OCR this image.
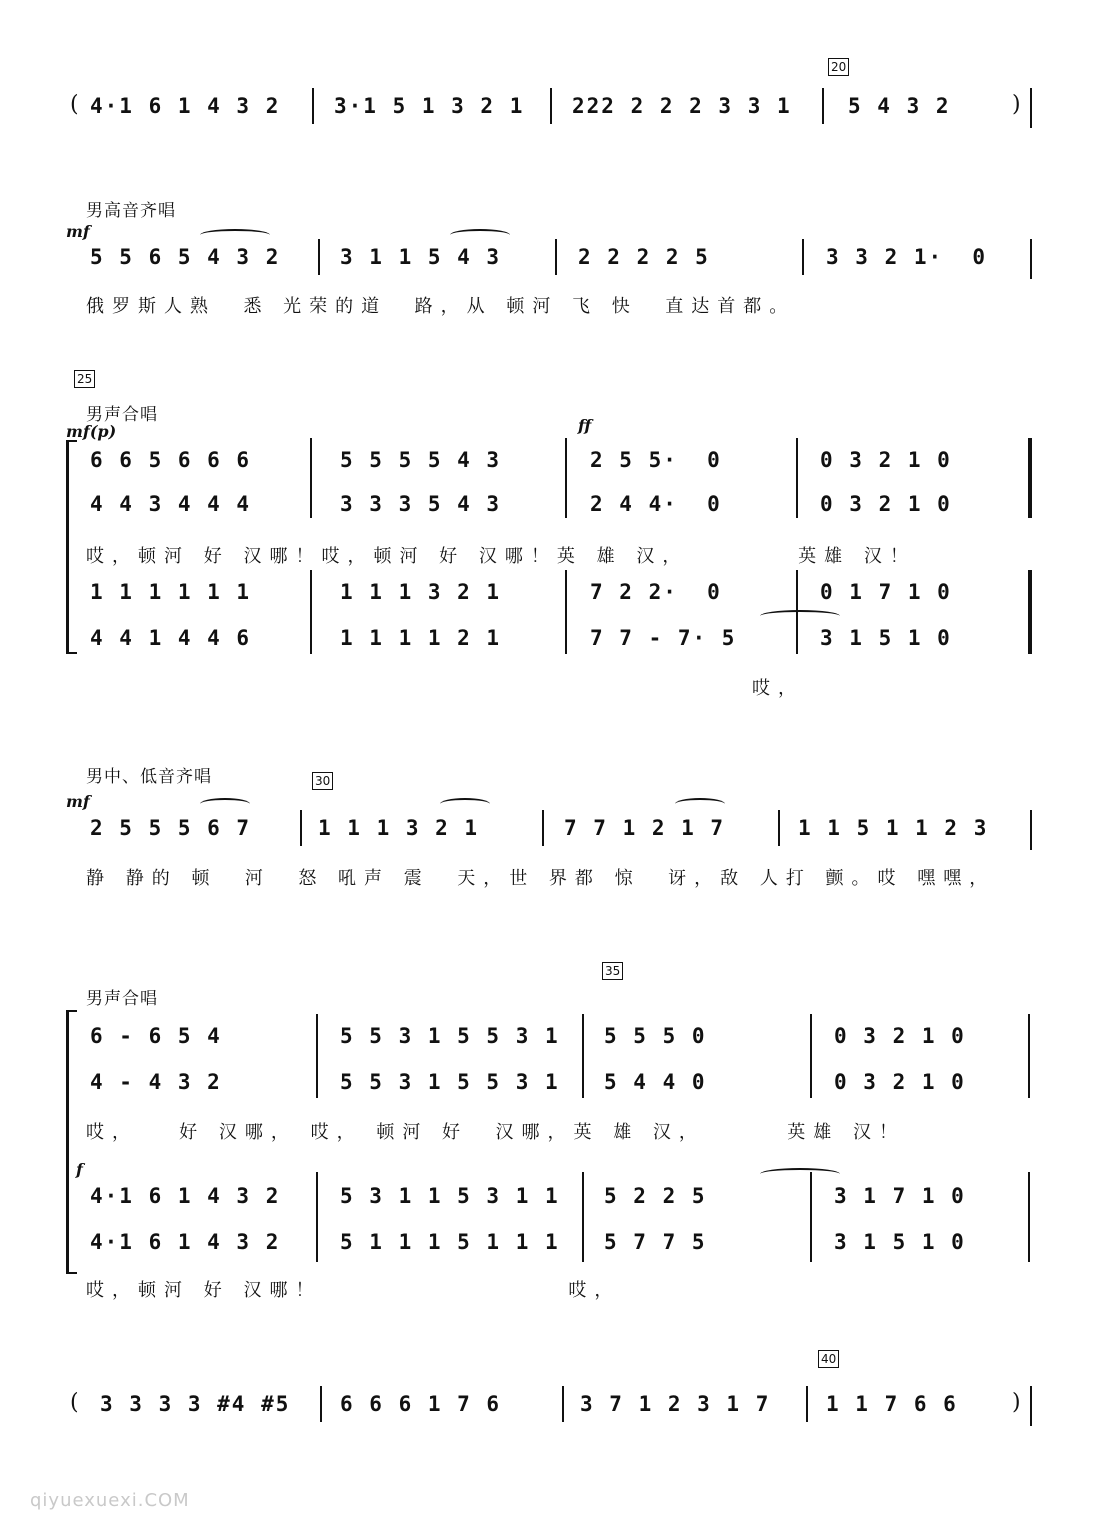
20
( 4·1 6 1 4 3 2	3·1 5 1 3 2 1 222 2 2 2 3 3 1	5 4 3 2	)
男高音齐唱
mf
5 5 6 5 4 3 2	3 1 1 5 4 3	2 2 2 2 5	3 3 2 1·  0
俄罗斯人熟  悉 光荣的道  路，从 顿河 飞 快  直达首都。
25
男声合唱
mf(p)	ff
6 6 5 6 6 6	5 5 5 5 4 3	2 5 5·  0	0 3 2 1 0
4 4 3 4 4 4	3 3 3 5 4 3	2 4 4·  0	0 3 2 1 0
1 1 1 1 1 1	1 1 1 3 2 1	7 2 2·  0	0 1 7 1 0
4 4 1 4 4 6	1 1 1 1 2 1	7 7 - 7· 5	3 1 5 1 0
哎，顿河 好 汉哪！哎，顿河 好 汉哪！英 雄 汉，        英雄 汉！
哎，
男中、低音齐唱	30
mf
2 5 5 5 6 7	1 1 1 3 2 1	7 7 1 2 1 7	1 1 5 1 1 2 3
静 静的 顿  河  怒 吼声 震  天，世 界都 惊  讶，敌 人打 颤。哎 嘿嘿，
35
男声合唱
f
6 - 6 5 4	5 5 3 1 5 5 3 1 5 5 5 0	0 3 2 1 0
4 - 4 3 2	5 5 3 1 5 5 3 1 5 4 4 0	0 3 2 1 0
4·1 6 1 4 3 2	5 3 1 1 5 3 1 1 5 2 2 5	3 1 7 1 0
4·1 6 1 4 3 2	5 1 1 1 5 1 1 1 5 7 7 5	3 1 5 1 0
哎，   好 汉哪， 哎， 顿河 好  汉哪，英 雄 汉，      英雄 汉！
哎，顿河 好 汉哪！                  哎，
40
( 3 3 3 3 #4 #5 6 6 6 1 7 6	3 7 1 2 3 1 7	1 1 7 6 6 )
qiyuexuexi.COM
